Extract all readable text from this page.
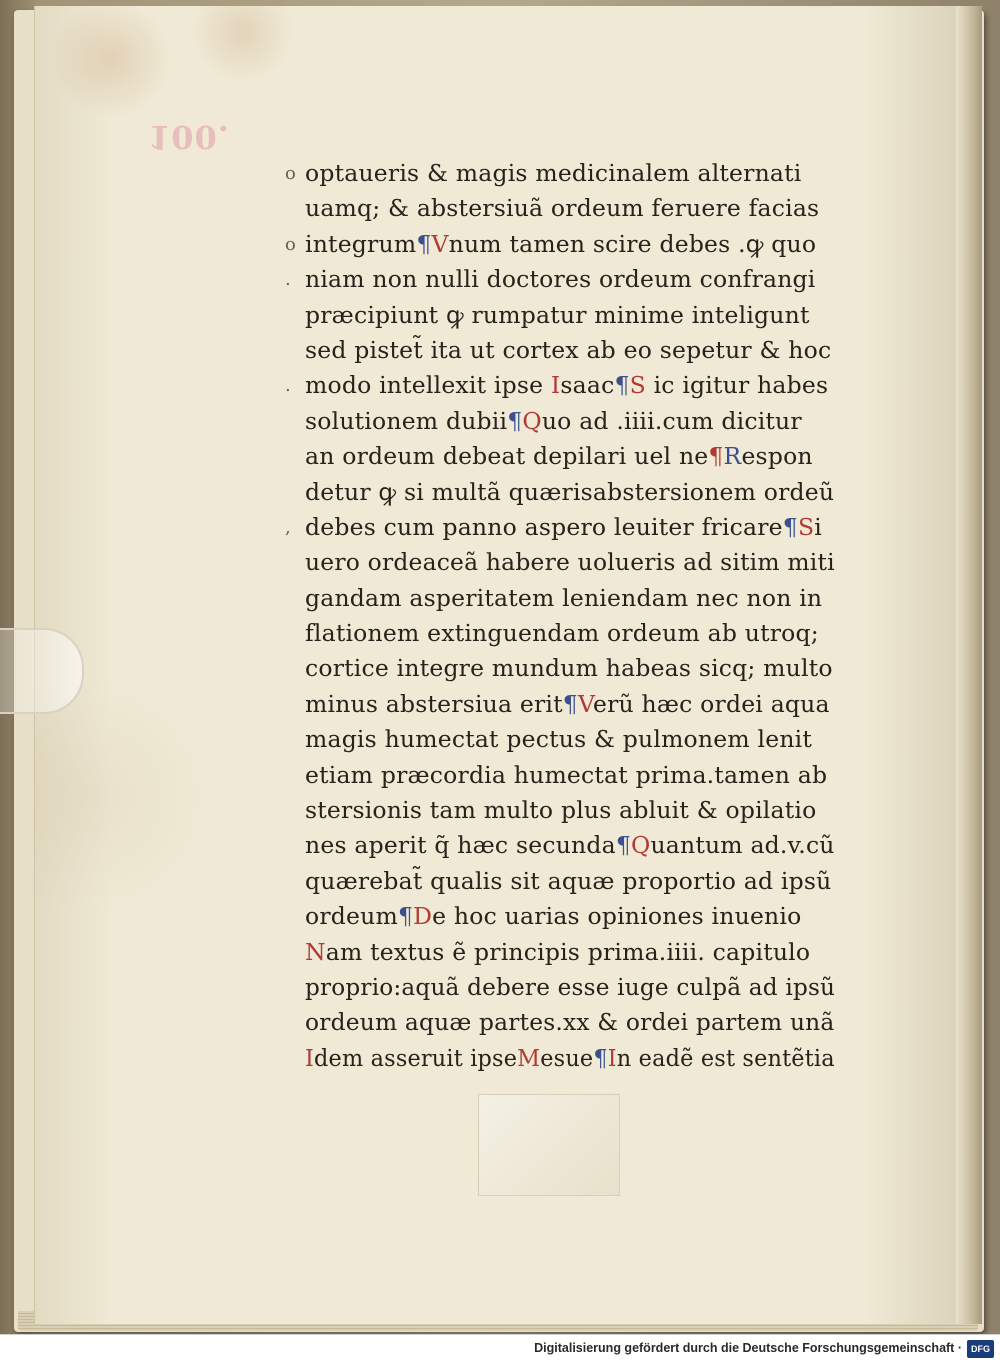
100.
o optaueris & magis medicinalem alternati
uamq; & abstersiuã ordeum feruere facias
o integrum¶Vnum tamen scire debes .ꝙ quo
. niam non nulli doctores ordeum confrangi
præcipiunt ꝙ rumpatur minime inteligunt
sed pistet̃ ita ut cortex ab eo sepetur & hoc
. modo intellexit ipse Isaac¶S ic igitur habes
solutionem dubii¶Quo ad .iiii.cum dicitur
an ordeum debeat depilari uel ne¶Respon
detur ꝙ si multã quærisabstersionem ordeũ
, debes cum panno aspero leuiter fricare¶Si
uero ordeaceã habere uolueris ad sitim miti
gandam asperitatem leniendam nec non in
flationem extinguendam ordeum ab utroq;
cortice integre mundum habeas sicq; multo
minus abstersiua erit¶Verũ hæc ordei aqua
magis humectat pectus & pulmonem lenit
etiam præcordia humectat prima.tamen ab
stersionis tam multo plus abluit & opilatio
nes aperit q̃ hæc secunda¶Quantum ad.v.cũ
quærebat̃ qualis sit aquæ proportio ad ipsũ
ordeum¶De hoc uarias opiniones inuenio
Nam textus ẽ principis prima.iiii. capitulo
proprio:aquã debere esse iuge culpã ad ipsũ
ordeum aquæ partes.xx & ordei partem unã
Idem asseruit ipseMesue¶In eadẽ est sentẽtia
Digitalisierung gefördert durch die Deutsche Forschungsgemeinschaft ·	DFG
